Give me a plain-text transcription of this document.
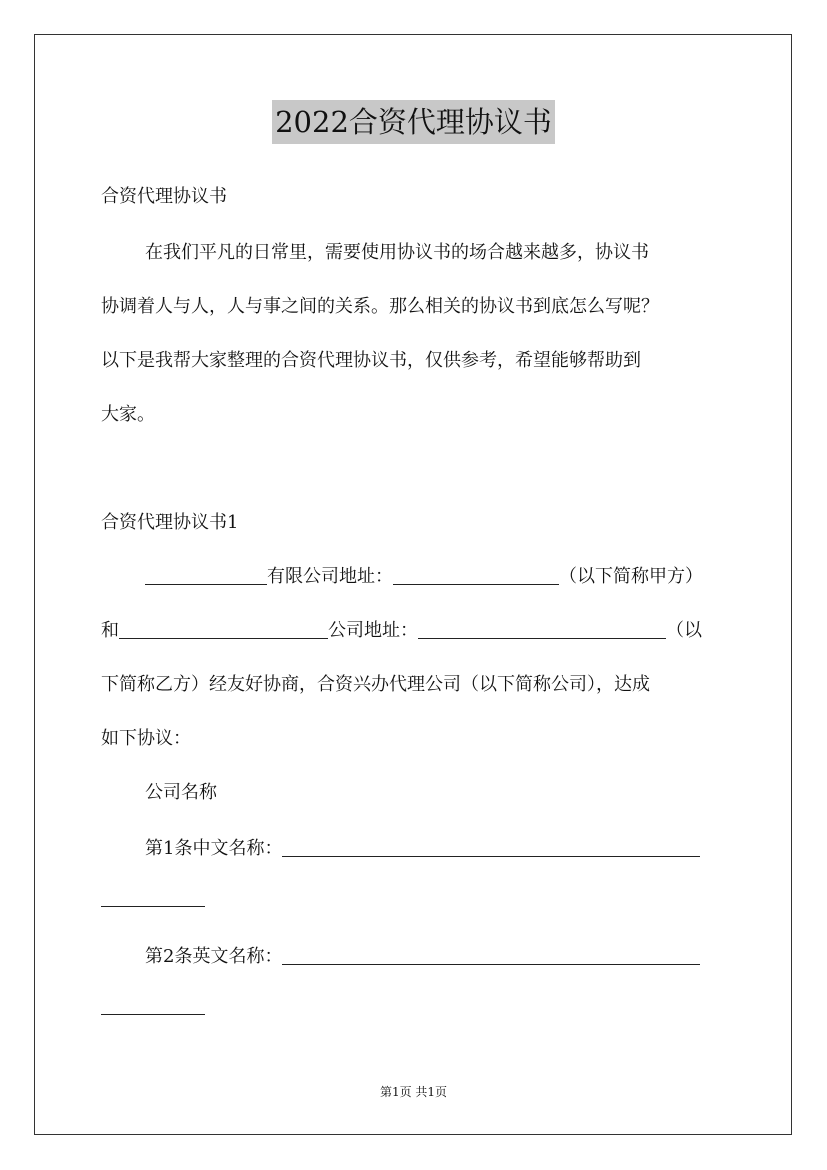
2022合资代理协议书
合资代理协议书
在我们平凡的日常里，需要使用协议书的场合越来越多，协议书
协调着人与人，人与事之间的关系。那么相关的协议书到底怎么写呢？
以下是我帮大家整理的合资代理协议书，仅供参考，希望能够帮助到
大家。
合资代理协议书1
有限公司地址：	（以下简称甲方）
和	公司地址：	（以
下简称乙方）经友好协商，合资兴办代理公司（以下简称公司），达成
如下协议：
公司名称
第1条中文名称：
第2条英文名称：
第1页 共1页
